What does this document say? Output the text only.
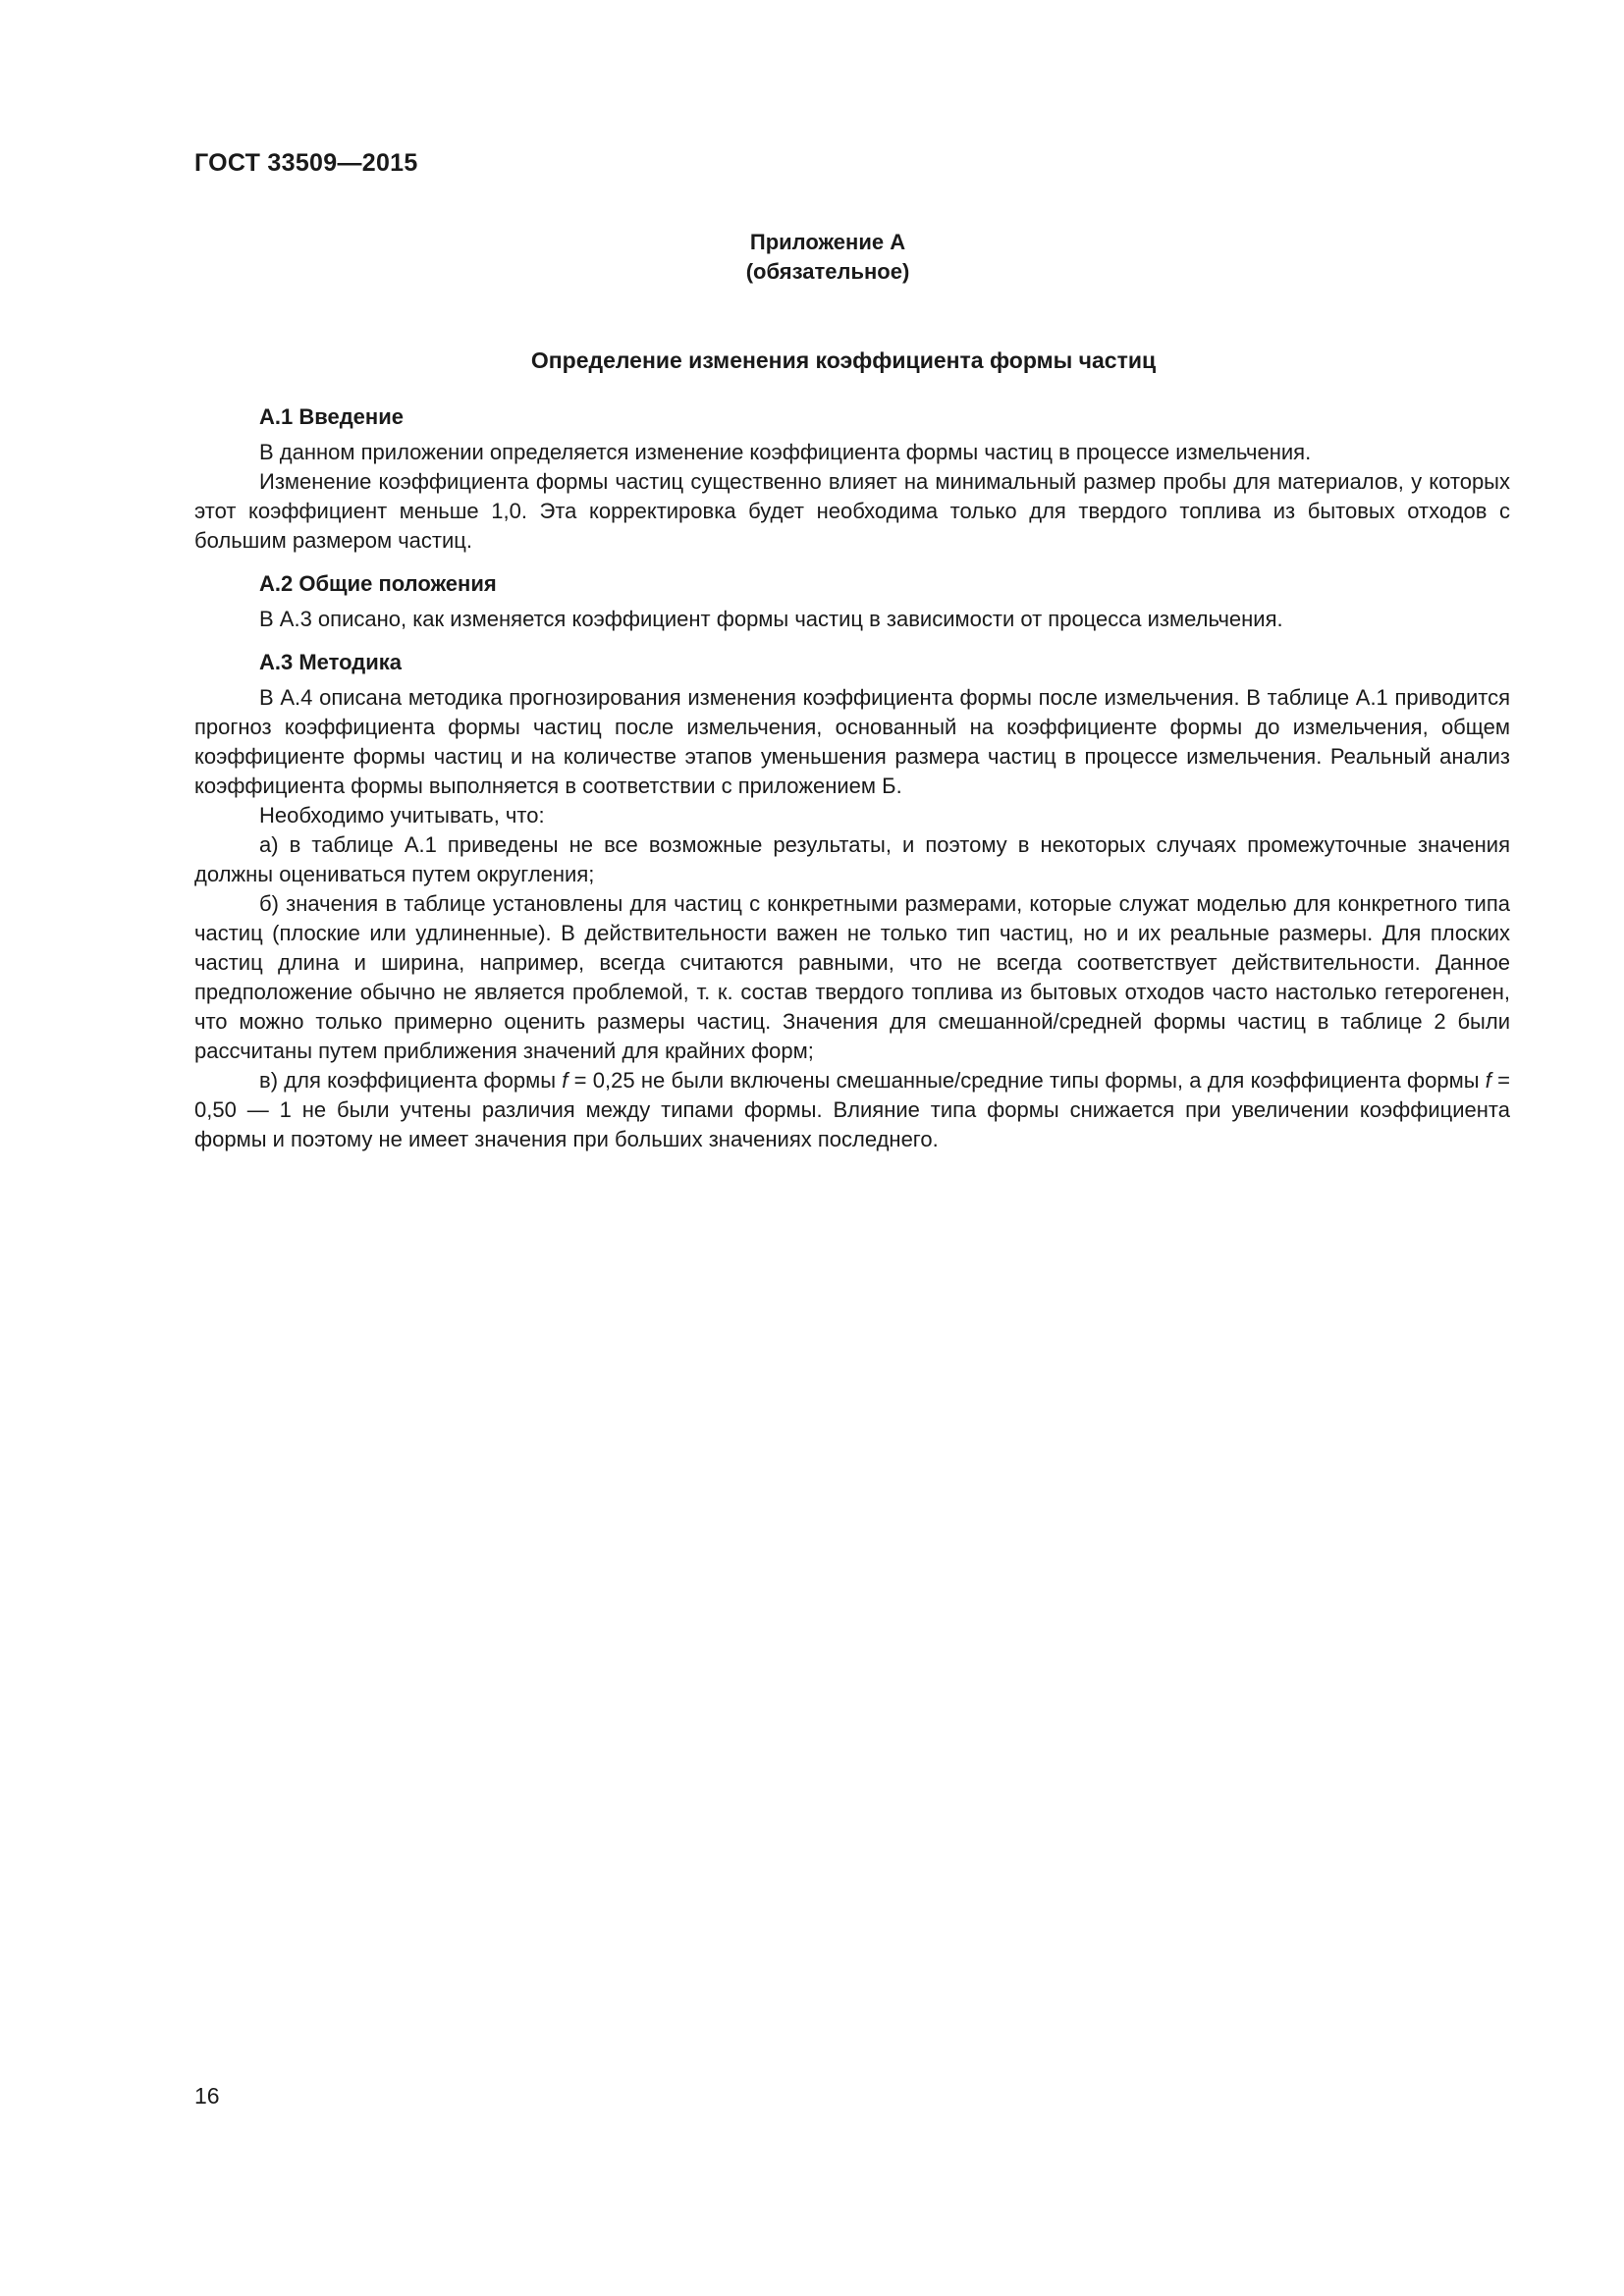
ГОСТ 33509—2015
Приложение А
(обязательное)
Определение изменения коэффициента формы частиц

А.1 Введение

В данном приложении определяется изменение коэффициента формы частиц в процессе измельчения.

Изменение коэффициента формы частиц существенно влияет на минимальный размер пробы для материалов, у которых этот коэффициент меньше 1,0. Эта корректировка будет необходима только для твердого топлива из бытовых отходов с большим размером частиц.

А.2 Общие положения

В А.3 описано, как изменяется коэффициент формы частиц в зависимости от процесса измельчения.

А.3 Методика

В А.4 описана методика прогнозирования изменения коэффициента формы после измельчения. В таблице А.1 приводится прогноз коэффициента формы частиц после измельчения, основанный на коэффициенте формы до измельчения, общем коэффициенте формы частиц и на количестве этапов уменьшения размера частиц в процессе измельчения. Реальный анализ коэффициента формы выполняется в соответствии с приложением Б.

Необходимо учитывать, что:

а) в таблице А.1 приведены не все возможные результаты, и поэтому в некоторых случаях промежуточные значения должны оцениваться путем округления;

б) значения в таблице установлены для частиц с конкретными размерами, которые служат моделью для конкретного типа частиц (плоские или удлиненные). В действительности важен не только тип частиц, но и их реальные размеры. Для плоских частиц длина и ширина, например, всегда считаются равными, что не всегда соответствует действительности. Данное предположение обычно не является проблемой, т. к. состав твердого топлива из бытовых отходов часто настолько гетерогенен, что можно только примерно оценить размеры частиц. Значения для смешанной/средней формы частиц в таблице 2 были рассчитаны путем приближения значений для крайних форм;

в) для коэффициента формы f = 0,25 не были включены смешанные/средние типы формы, а для коэффициента формы f = 0,50 — 1 не были учтены различия между типами формы. Влияние типа формы снижается при увеличении коэффициента формы и поэтому не имеет значения при больших значениях последнего.

16
